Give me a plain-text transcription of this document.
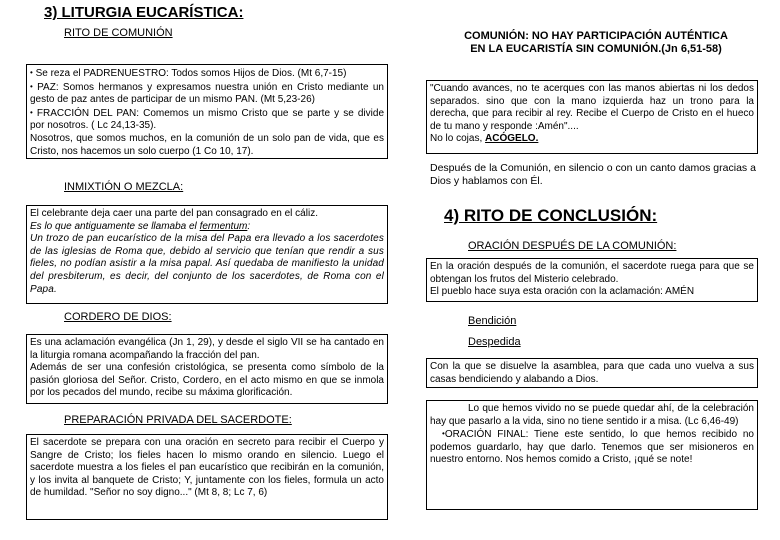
3) LITURGIA EUCARÍSTICA:
RITO DE COMUNIÓN	COMUNIÓN: NO HAY PARTICIPACIÓN AUTÉNTICA
EN LA EUCARISTÍA SIN COMUNIÓN.(Jn 6,51-58)

• Se reza el PADRENUESTRO: Todos somos Hijos de Dios. (Mt 6,7-15)

• PAZ: Somos hermanos y expresamos nuestra unión en Cristo mediante un gesto de paz antes de participar de un mismo PAN. (Mt 5,23-26)

• FRACCIÓN DEL PAN: Comemos un mismo Cristo que se parte y se divide por nosotros. ( Lc 24,13-35).

Nosotros, que somos muchos, en la comunión de un solo pan de vida, que es Cristo, nos hacemos un solo cuerpo (1 Co 10, 17).

INMIXTIÓN O MEZCLA:

El celebrante deja caer una parte del pan consagrado en el cáliz.

Es lo que antiguamente se llamaba el fermentum:

Un trozo de pan eucarístico de la misa del Papa era llevado a los sacerdotes de las iglesias de Roma que, debido al servicio que tenían que rendir a sus fieles, no podían asistir a la misa papal. Así quedaba de manifiesto la unidad del presbiterum, es decir, del conjunto de los sacerdotes, de Roma con el Papa.

CORDERO DE DIOS:

Es una aclamación evangélica (Jn 1, 29), y desde el siglo VII se ha cantado en la liturgia romana acompañando la fracción del pan.

Además de ser una confesión cristológica, se presenta como símbolo de la pasión gloriosa del Señor. Cristo, Cordero, en el acto mismo en que se inmola por los pecados del mundo, recibe su máxima glorificación.

PREPARACIÓN PRIVADA DEL SACERDOTE:

El sacerdote se prepara con una oración en secreto para recibir el Cuerpo y Sangre de Cristo; los fieles hacen lo mismo orando en silencio. Luego el sacerdote muestra a los fieles el pan eucarístico que recibirán en la comunión, y los invita al banquete de Cristo; Y, juntamente con los fieles, formula un acto de humildad. "Señor no soy digno..." (Mt 8, 8; Lc 7, 6)

"Cuando avances, no te acerques con las manos abiertas ni los dedos separados. sino que con la mano izquierda haz un trono para la derecha, que para recibir al rey. Recibe el Cuerpo de Cristo en el hueco de tu mano y responde :Amén"....

No lo cojas, ACÓGELO.

Después de la Comunión, en silencio o con un canto damos gracias a Dios y hablamos con Él.
4) RITO DE CONCLUSIÓN:
ORACIÓN DESPUÉS DE LA COMUNIÓN:

En la oración después de la comunión, el sacerdote ruega para que se obtengan los frutos del Misterio celebrado.

El pueblo hace suya esta oración con la aclamación: AMÉN

Bendición
Despedida

Con la que se disuelve la asamblea, para que cada uno vuelva a sus casas bendiciendo y alabando a Dios.

Lo que hemos vivido no se puede quedar ahí, de la celebración hay que pasarlo a la vida, sino no tiene sentido ir a misa. (Lc 6,46-49)

•ORACIÓN FINAL: Tiene este sentido, lo que hemos recibido no podemos guardarlo, hay que darlo. Tenemos que ser misioneros en nuestro entorno. Nos hemos comido a Cristo, ¡qué se note!
